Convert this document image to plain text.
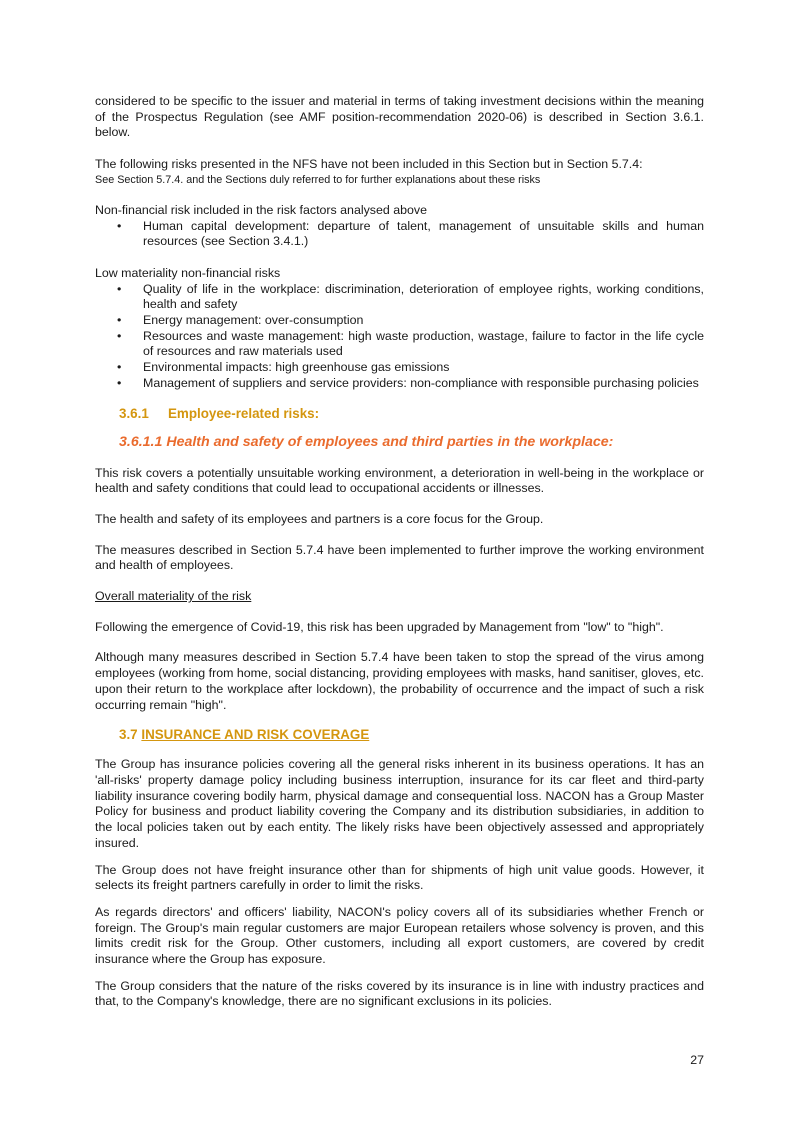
considered to be specific to the issuer and material in terms of taking investment decisions within the meaning of the Prospectus Regulation (see AMF position-recommendation 2020-06) is described in Section 3.6.1. below.

The following risks presented in the NFS have not been included in this Section but in Section 5.7.4:

See Section 5.7.4. and the Sections duly referred to for further explanations about these risks

Non-financial risk included in the risk factors analysed above

• Human capital development: departure of talent, management of unsuitable skills and human resources (see Section 3.4.1.)

Low materiality non-financial risks

• Quality of life in the workplace: discrimination, deterioration of employee rights, working conditions, health and safety
• Energy management: over-consumption
• Resources and waste management: high waste production, wastage, failure to factor in the life cycle of resources and raw materials used
• Environmental impacts: high greenhouse gas emissions
• Management of suppliers and service providers: non-compliance with responsible purchasing policies
3.6.1 Employee-related risks:
3.6.1.1 Health and safety of employees and third parties in the workplace:

This risk covers a potentially unsuitable working environment, a deterioration in well-being in the workplace or health and safety conditions that could lead to occupational accidents or illnesses.

The health and safety of its employees and partners is a core focus for the Group.

The measures described in Section 5.7.4 have been implemented to further improve the working environment and health of employees.

Overall materiality of the risk

Following the emergence of Covid-19, this risk has been upgraded by Management from "low" to "high".

Although many measures described in Section 5.7.4 have been taken to stop the spread of the virus among employees (working from home, social distancing, providing employees with masks, hand sanitiser, gloves, etc. upon their return to the workplace after lockdown), the probability of occurrence and the impact of such a risk occurring remain "high".

3.7 INSURANCE AND RISK COVERAGE

The Group has insurance policies covering all the general risks inherent in its business operations. It has an 'all-risks' property damage policy including business interruption, insurance for its car fleet and third-party liability insurance covering bodily harm, physical damage and consequential loss. NACON has a Group Master Policy for business and product liability covering the Company and its distribution subsidiaries, in addition to the local policies taken out by each entity. The likely risks have been objectively assessed and appropriately insured.

The Group does not have freight insurance other than for shipments of high unit value goods. However, it selects its freight partners carefully in order to limit the risks.

As regards directors' and officers' liability, NACON's policy covers all of its subsidiaries whether French or foreign. The Group's main regular customers are major European retailers whose solvency is proven, and this limits credit risk for the Group. Other customers, including all export customers, are covered by credit insurance where the Group has exposure.

The Group considers that the nature of the risks covered by its insurance is in line with industry practices and that, to the Company's knowledge, there are no significant exclusions in its policies.

27
